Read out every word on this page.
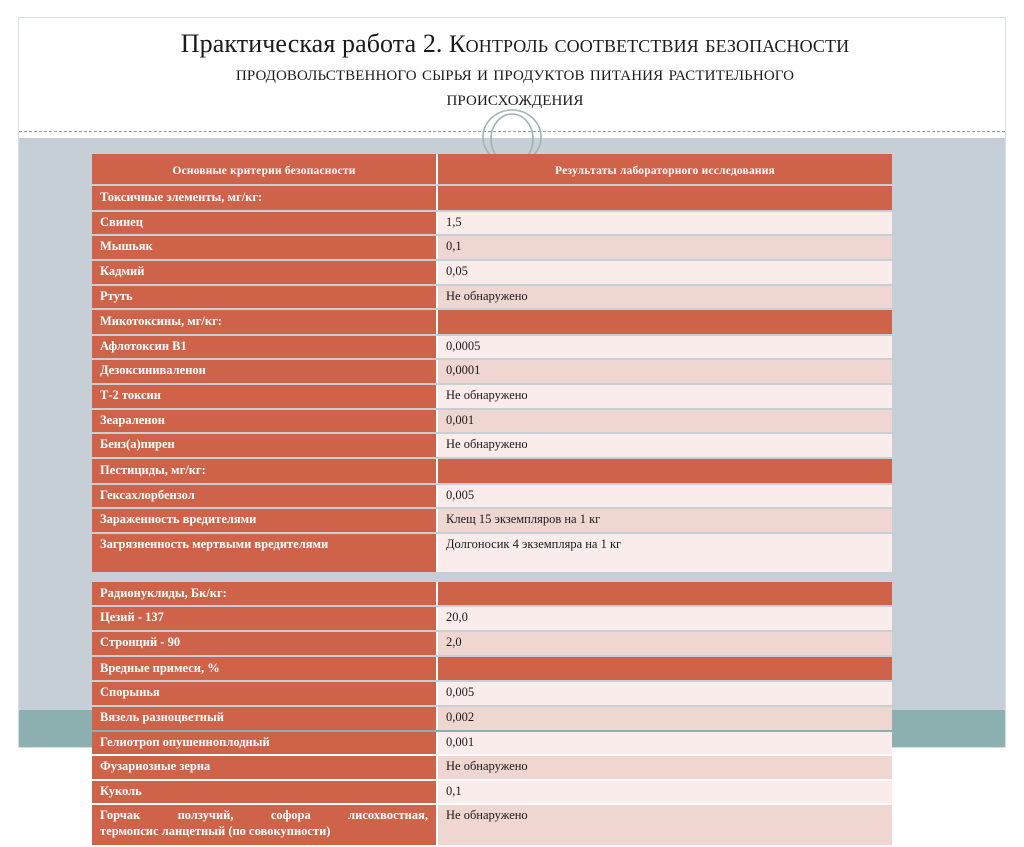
Практическая работа 2. Контроль соответствия безопасности

продовольственного сырья и продуктов питания растительного

происхождения

Основные критерии безопасности	Результаты лабораторного исследования
Токсичные элементы, мг/кг:	
Свинец	1,5
Мышьяк	0,1
Кадмий	0,05
Ртуть	Не обнаружено
Микотоксины, мг/кг:	
Афлотоксин В1	0,0005
Дезоксиниваленон	0,0001
Т-2 токсин	Не обнаружено
Зеараленон	0,001
Бенз(а)пирен	Не обнаружено
Пестициды, мг/кг:	
Гексахлорбензол	0,005
Зараженность вредителями	Клещ 15 экземпляров на 1 кг
Загрязненность мертвыми вредителями	Долгоносик 4 экземпляра на 1 кг

Радионуклиды, Бк/кг:	
Цезий - 137	20,0
Стронций - 90	2,0
Вредные примеси, %	
Спорынья	0,005
Вязель разноцветный	0,002
Гелиотроп опушеннoплодный	0,001
Фузариозные зерна	Не обнаружено
Куколь	0,1
Горчак ползучий, софора лисохвостная,
термопсис ланцетный (по совокупности)	Не обнаружено
